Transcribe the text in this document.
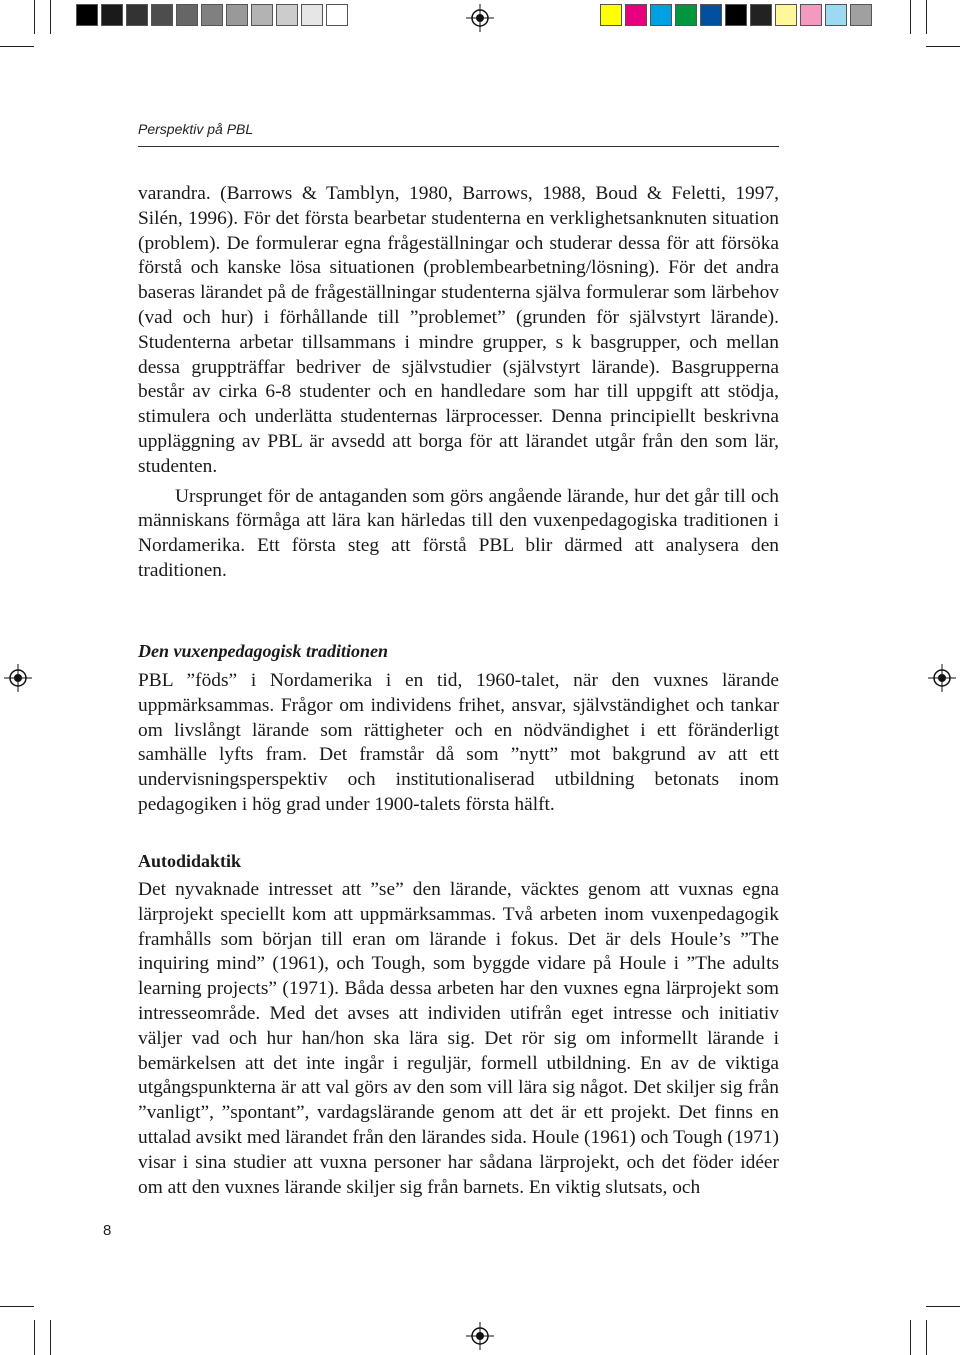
Perspektiv på PBL

varandra. (Barrows & Tamblyn, 1980, Barrows, 1988, Boud & Feletti, 1997, Silén, 1996). För det första bearbetar studenterna en verklighetsanknuten situation (problem). De formulerar egna frågeställningar och studerar dessa för att försöka förstå och kanske lösa situationen (problembearbetning/lösning). För det andra baseras lärandet på de frågeställningar studenterna själva formulerar som lärbehov (vad och hur) i förhållande till ”problemet” (grunden för självstyrt lärande). Studenterna arbetar tillsammans i mindre grupper, s k basgrupper, och mellan dessa gruppträffar bedriver de självstudier (självstyrt lärande). Basgrupperna består av cirka 6-8 studenter och en handledare som har till uppgift att stödja, stimulera och underlätta studenternas lärprocesser. Denna principiellt beskrivna uppläggning av PBL är avsedd att borga för att lärandet utgår från den som lär, studenten.

Ursprunget för de antaganden som görs angående lärande, hur det går till och människans förmåga att lära kan härledas till den vuxenpedagogiska traditionen i Nordamerika. Ett första steg att förstå PBL blir därmed att analysera den traditionen.

Den vuxenpedagogisk traditionen

PBL ”föds” i Nordamerika i en tid, 1960-talet, när den vuxnes lärande uppmärksammas. Frågor om individens frihet, ansvar, självständighet och tankar om livslångt lärande som rättigheter och en nödvändighet i ett föränderligt samhälle lyfts fram. Det framstår då som ”nytt” mot bakgrund av att ett undervisningsperspektiv och institutionaliserad utbildning betonats inom pedagogiken i hög grad under 1900-talets första hälft.

Autodidaktik

Det nyvaknade intresset att ”se” den lärande, väcktes genom att vuxnas egna lärprojekt speciellt kom att uppmärksammas. Två arbeten inom vuxenpedagogik framhålls som början till eran om lärande i fokus. Det är dels Houle’s ”The inquiring mind” (1961), och Tough, som byggde vidare på Houle i ”The adults learning projects” (1971). Båda dessa arbeten har den vuxnes egna lärprojekt som intresseområde. Med det avses att individen utifrån eget intresse och initiativ väljer vad och hur han/hon ska lära sig. Det rör sig om informellt lärande i bemärkelsen att det inte ingår i reguljär, formell utbildning. En av de viktiga utgångspunkterna är att val görs av den som vill lära sig något. Det skiljer sig från ”vanligt”, ”spontant”, vardagslärande genom att det är ett projekt. Det finns en uttalad avsikt med lärandet från den lärandes sida. Houle (1961) och Tough (1971) visar i sina studier att vuxna personer har sådana lärprojekt, och det föder idéer om att den vuxnes lärande skiljer sig från barnets. En viktig slutsats, och

8
